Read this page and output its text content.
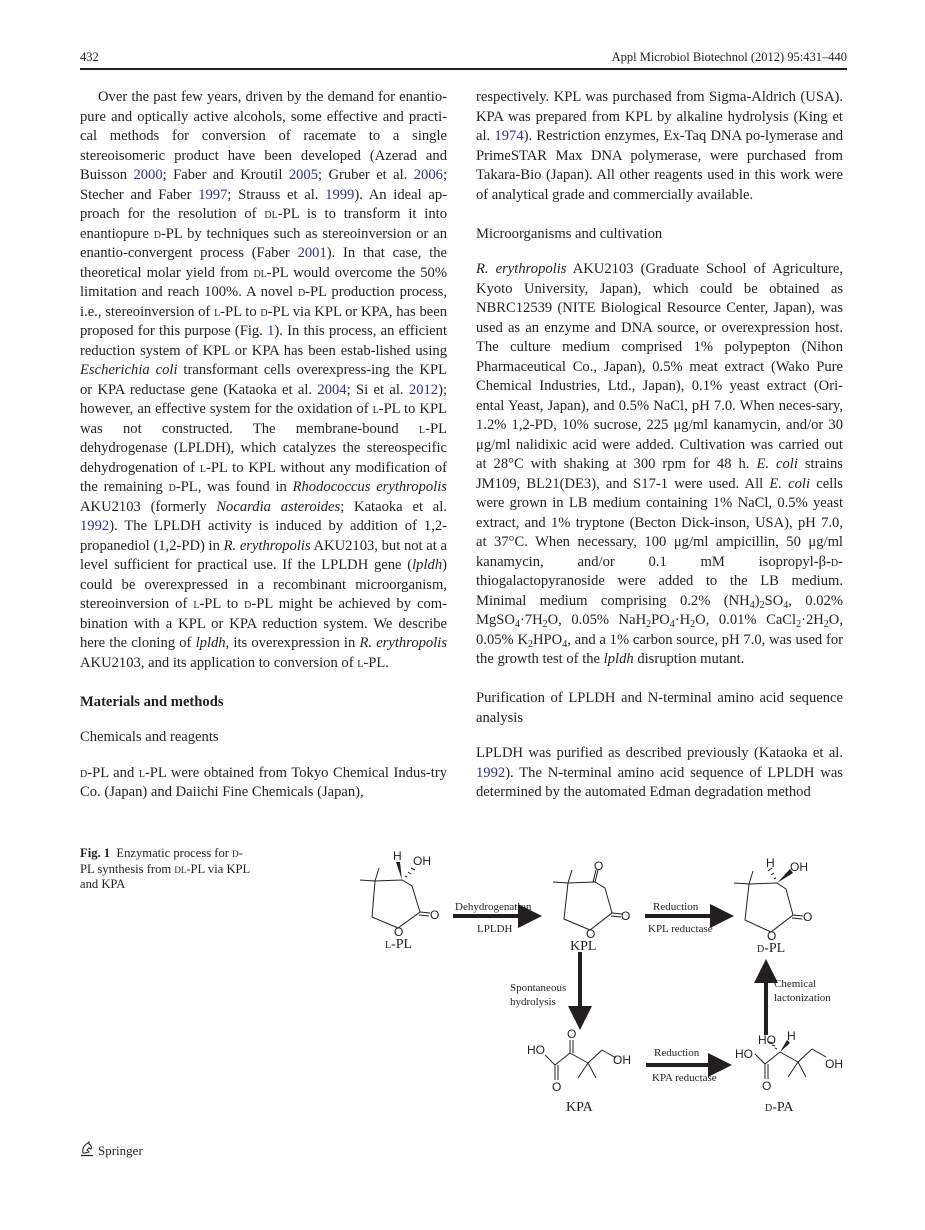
432	Appl Microbiol Biotechnol (2012) 95:431–440

Over the past few years, driven by the demand for enantio-pure and optically active alcohols, some effective and practi-cal methods for conversion of racemate to a single stereoisomeric product have been developed (Azerad and Buisson 2000; Faber and Kroutil 2005; Gruber et al. 2006; Stecher and Faber 1997; Strauss et al. 1999). An ideal ap-proach for the resolution of dl-PL is to transform it into enantiopure d-PL by techniques such as stereoinversion or an enantio-convergent process (Faber 2001). In that case, the theoretical molar yield from dl-PL would overcome the 50% limitation and reach 100%. A novel d-PL production process, i.e., stereoinversion of l-PL to d-PL via KPL or KPA, has been proposed for this purpose (Fig. 1). In this process, an efficient reduction system of KPL or KPA has been estab-lished using Escherichia coli transformant cells overexpress-ing the KPL or KPA reductase gene (Kataoka et al. 2004; Si et al. 2012); however, an effective system for the oxidation of l-PL to KPL was not constructed. The membrane-bound l-PL dehydrogenase (LPLDH), which catalyzes the stereospecific dehydrogenation of l-PL to KPL without any modification of the remaining d-PL, was found in Rhodococcus erythropolis AKU2103 (formerly Nocardia asteroides; Kataoka et al. 1992). The LPLDH activity is induced by addition of 1,2-propanediol (1,2-PD) in R. erythropolis AKU2103, but not at a level sufficient for practical use. If the LPLDH gene (lpldh) could be overexpressed in a recombinant microorganism, stereoinversion of l-PL to d-PL might be achieved by com-bination with a KPL or KPA reduction system. We describe here the cloning of lpldh, its overexpression in R. erythropolis AKU2103, and its application to conversion of l-PL.

Materials and methods

Chemicals and reagents

d-PL and l-PL were obtained from Tokyo Chemical Indus-try Co. (Japan) and Daiichi Fine Chemicals (Japan),

respectively. KPL was purchased from Sigma-Aldrich (USA). KPA was prepared from KPL by alkaline hydrolysis (King et al. 1974). Restriction enzymes, Ex-Taq DNA po-lymerase and PrimeSTAR Max DNA polymerase, were purchased from Takara-Bio (Japan). All other reagents used in this work were of analytical grade and commercially available.

Microorganisms and cultivation

R. erythropolis AKU2103 (Graduate School of Agriculture, Kyoto University, Japan), which could be obtained as NBRC12539 (NITE Biological Resource Center, Japan), was used as an enzyme and DNA source, or overexpression host. The culture medium comprised 1% polypepton (Nihon Pharmaceutical Co., Japan), 0.5% meat extract (Wako Pure Chemical Industries, Ltd., Japan), 0.1% yeast extract (Ori-ental Yeast, Japan), and 0.5% NaCl, pH 7.0. When neces-sary, 1.2% 1,2-PD, 10% sucrose, 225 μg/ml kanamycin, and/or 30 μg/ml nalidixic acid were added. Cultivation was carried out at 28°C with shaking at 300 rpm for 48 h. E. coli strains JM109, BL21(DE3), and S17-1 were used. All E. coli cells were grown in LB medium containing 1% NaCl, 0.5% yeast extract, and 1% tryptone (Becton Dick-inson, USA), pH 7.0, at 37°C. When necessary, 100 μg/ml ampicillin, 50 μg/ml kanamycin, and/or 0.1 mM isopropyl-β-d-thiogalactopyranoside were added to the LB medium. Minimal medium comprising 0.2% $(NH_4)_2SO_4$, 0.02% $MgSO_4\cdot 7H_2O$, 0.05% $NaH_2PO_4\cdot H_2O$, 0.01% $CaCl_2\cdot 2H_2O$, 0.05% $K_2HPO_4$, and a 1% carbon source, pH 7.0, was used for the growth test of the lpldh disruption mutant.

Purification of LPLDH and N-terminal amino acid sequence analysis

LPLDH was purified as described previously (Kataoka et al. 1992). The N-terminal amino acid sequence of LPLDH was determined by the automated Edman degradation method

Fig. 1 Enzymatic process for d-PL synthesis from dl-PL via KPL and KPA
H OH
O
O
O
O
O
H OH
O
O
HO
O
O
OH	HO
HO H
O
OH
L-PL	KPL	D-PL
KPA	D-PA
Dehydrogenation
LPLDH
Reduction
KPL reductase
Spontaneous
hydrolysis
Reduction
KPA reductase
Chemical
lactonization
Springer
